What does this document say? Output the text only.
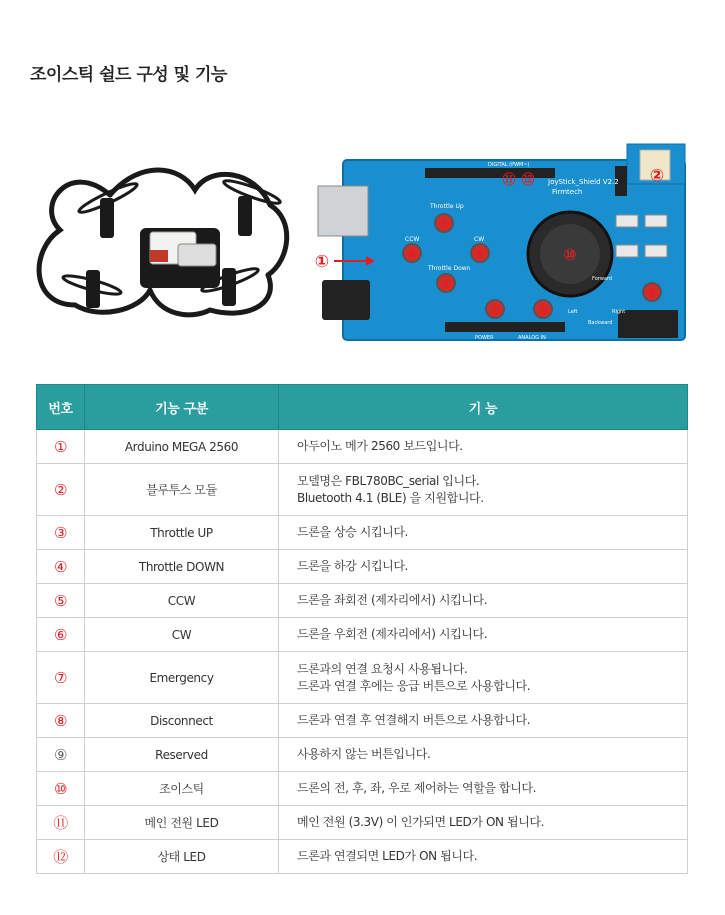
조이스틱 쉴드 구성 및 기능
JoyStick_Shield V2.2
Firmtech
Throttle Up
Throttle Down
CCW	CW
DIGITAL (PWM~)
ANALOG IN
POWER
Forward
Backward
Left	Right
①
②
③
④
⑤	⑥
⑦	⑧
⑨
⑩
⑪ ⑫
번호	기능 구분	기 능
①	Arduino MEGA 2560	아두이노 메가 2560 보드입니다.
②	블루투스 모듈	모델명은 FBL780BC_serial 입니다.
Bluetooth 4.1 (BLE) 을 지원합니다.
③	Throttle UP	드론을 상승 시킵니다.
④	Throttle DOWN	드론을 하강 시킵니다.
⑤	CCW	드론을 좌회전 (제자리에서) 시킵니다.
⑥	CW	드론을 우회전 (제자리에서) 시킵니다.
⑦	Emergency	드론과의 연결 요청시 사용됩니다.
드론과 연결 후에는 응급 버튼으로 사용합니다.
⑧	Disconnect	드론과 연결 후 연결해지 버튼으로 사용합니다.
⑨	Reserved	사용하지 않는 버튼입니다.
⑩	조이스틱	드론의 전, 후, 좌, 우로 제어하는 역할을 합니다.
⑪	메인 전원 LED	메인 전원 (3.3V) 이 인가되면 LED가 ON 됩니다.
⑫	상태 LED	드론과 연결되면 LED가 ON 됩니다.
